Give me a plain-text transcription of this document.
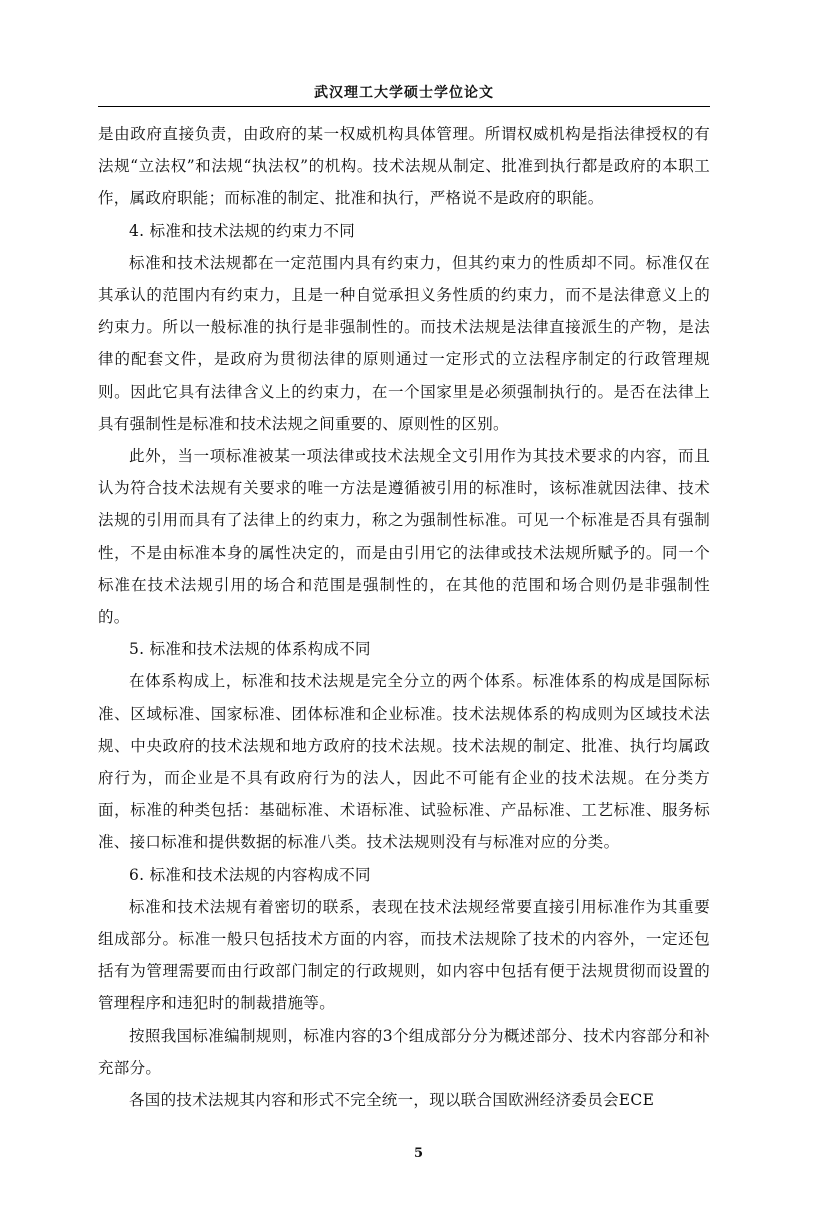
武汉理工大学硕士学位论文

是由政府直接负责，由政府的某一权威机构具体管理。所谓权威机构是指法律授权的有法规“立法权”和法规“执法权”的机构。技术法规从制定、批准到执行都是政府的本职工作，属政府职能；而标准的制定、批准和执行，严格说不是政府的职能。

4. 标准和技术法规的约束力不同

标准和技术法规都在一定范围内具有约束力，但其约束力的性质却不同。标准仅在其承认的范围内有约束力，且是一种自觉承担义务性质的约束力，而不是法律意义上的约束力。所以一般标准的执行是非强制性的。而技术法规是法律直接派生的产物，是法律的配套文件，是政府为贯彻法律的原则通过一定形式的立法程序制定的行政管理规则。因此它具有法律含义上的约束力，在一个国家里是必须强制执行的。是否在法律上具有强制性是标准和技术法规之间重要的、原则性的区别。

此外，当一项标准被某一项法律或技术法规全文引用作为其技术要求的内容，而且认为符合技术法规有关要求的唯一方法是遵循被引用的标准时，该标准就因法律、技术法规的引用而具有了法律上的约束力，称之为强制性标准。可见一个标准是否具有强制性，不是由标准本身的属性决定的，而是由引用它的法律或技术法规所赋予的。同一个标准在技术法规引用的场合和范围是强制性的，在其他的范围和场合则仍是非强制性的。

5. 标准和技术法规的体系构成不同

在体系构成上，标准和技术法规是完全分立的两个体系。标准体系的构成是国际标准、区域标准、国家标准、团体标准和企业标准。技术法规体系的构成则为区域技术法规、中央政府的技术法规和地方政府的技术法规。技术法规的制定、批准、执行均属政府行为，而企业是不具有政府行为的法人，因此不可能有企业的技术法规。在分类方面，标准的种类包括：基础标准、术语标准、试验标准、产品标准、工艺标准、服务标准、接口标准和提供数据的标准八类。技术法规则没有与标准对应的分类。

6. 标准和技术法规的内容构成不同

标准和技术法规有着密切的联系，表现在技术法规经常要直接引用标准作为其重要组成部分。标准一般只包括技术方面的内容，而技术法规除了技术的内容外，一定还包括有为管理需要而由行政部门制定的行政规则，如内容中包括有便于法规贯彻而设置的管理程序和违犯时的制裁措施等。

按照我国标准编制规则，标准内容的3个组成部分分为概述部分、技术内容部分和补充部分。

各国的技术法规其内容和形式不完全统一，现以联合国欧洲经济委员会ECE

5
